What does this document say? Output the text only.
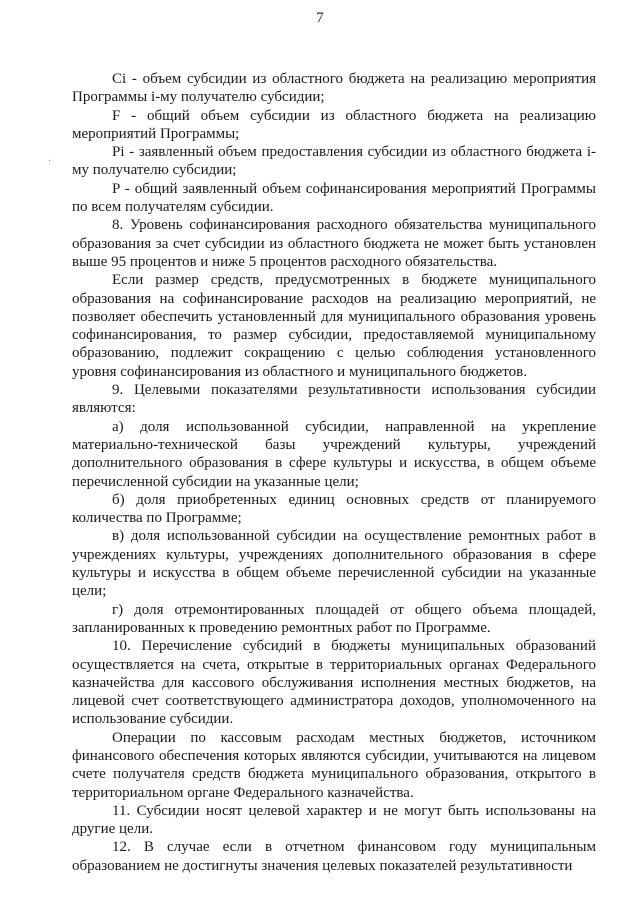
7
·

Ci - объем субсидии из областного бюджета на реализацию мероприятия Программы i-му получателю субсидии;

F - общий объем субсидии из областного бюджета на реализацию мероприятий Программы;

Pi - заявленный объем предоставления субсидии из областного бюджета i-му получателю субсидии;

P - общий заявленный объем софинансирования мероприятий Программы по всем получателям субсидии.

8. Уровень софинансирования расходного обязательства муниципального образования за счет субсидии из областного бюджета не может быть установлен выше 95 процентов и ниже 5 процентов расходного обязательства.

Если размер средств, предусмотренных в бюджете муниципального образования на софинансирование расходов на реализацию мероприятий, не позволяет обеспечить установленный для муниципального образования уровень софинансирования, то размер субсидии, предоставляемой муниципальному образованию, подлежит сокращению с целью соблюдения установленного уровня софинансирования из областного и муниципального бюджетов.

9. Целевыми показателями результативности использования субсидии являются:

а) доля использованной субсидии, направленной на укрепление материально-технической базы учреждений культуры, учреждений дополнительного образования в сфере культуры и искусства, в общем объеме перечисленной субсидии на указанные цели;

б) доля приобретенных единиц основных средств от планируемого количества по Программе;

в) доля использованной субсидии на осуществление ремонтных работ в учреждениях культуры, учреждениях дополнительного образования в сфере культуры и искусства в общем объеме перечисленной субсидии на указанные цели;

г) доля отремонтированных площадей от общего объема площадей, запланированных к проведению ремонтных работ по Программе.

10. Перечисление субсидий в бюджеты муниципальных образований осуществляется на счета, открытые в территориальных органах Федерального казначейства для кассового обслуживания исполнения местных бюджетов, на лицевой счет соответствующего администратора доходов, уполномоченного на использование субсидии.

Операции по кассовым расходам местных бюджетов, источником финансового обеспечения которых являются субсидии, учитываются на лицевом счете получателя средств бюджета муниципального образования, открытого в территориальном органе Федерального казначейства.

11. Субсидии носят целевой характер и не могут быть использованы на другие цели.

12. В случае если в отчетном финансовом году муниципальным образованием не достигнуты значения целевых показателей результативности
